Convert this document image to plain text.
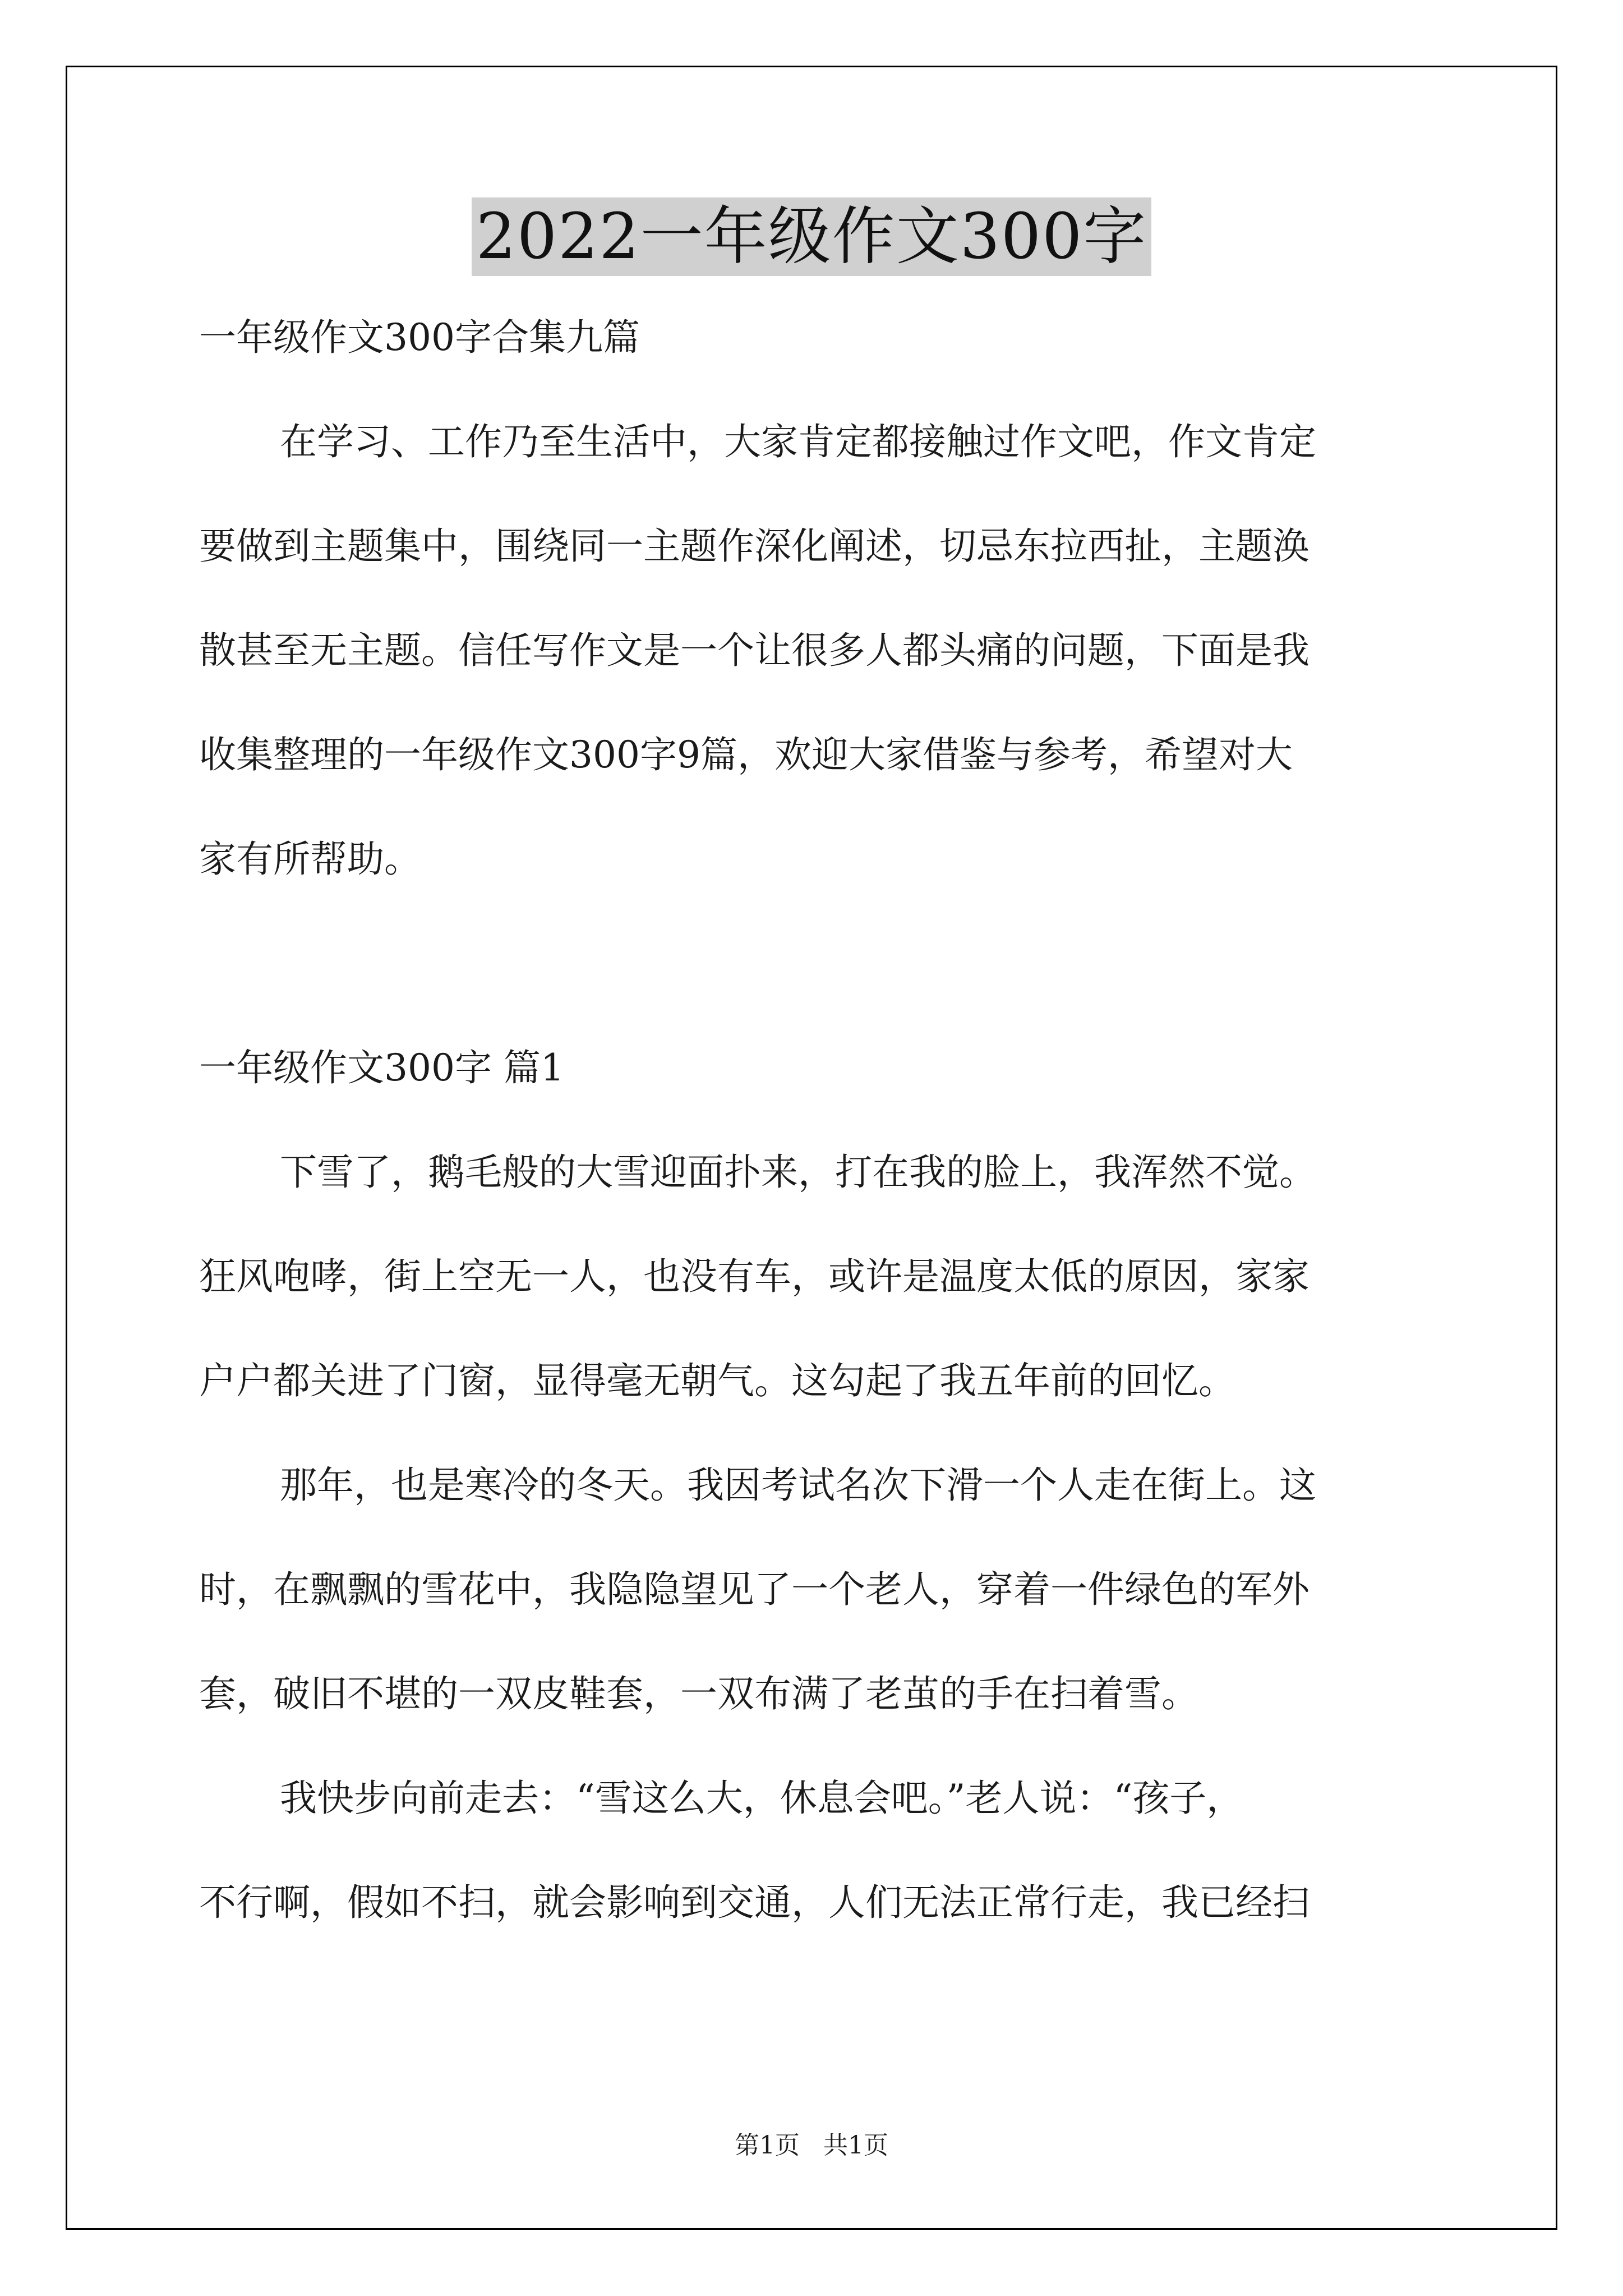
2022一年级作文300字

一年级作文300字合集九篇

在学习、工作乃至生活中，大家肯定都接触过作文吧，作文肯定
要做到主题集中，围绕同一主题作深化阐述，切忌东拉西扯，主题涣
散甚至无主题。信任写作文是一个让很多人都头痛的问题，下面是我
收集整理的一年级作文300字9篇，欢迎大家借鉴与参考，希望对大
家有所帮助。

一年级作文300字 篇1

下雪了，鹅毛般的大雪迎面扑来，打在我的脸上，我浑然不觉。
狂风咆哮，街上空无一人，也没有车，或许是温度太低的原因，家家
户户都关进了门窗，显得毫无朝气。这勾起了我五年前的回忆。
那年，也是寒冷的冬天。我因考试名次下滑一个人走在街上。这
时，在飘飘的雪花中，我隐隐望见了一个老人，穿着一件绿色的军外
套，破旧不堪的一双皮鞋套，一双布满了老茧的手在扫着雪。
我快步向前走去：“雪这么大，休息会吧。”老人说：“孩子，
不行啊，假如不扫，就会影响到交通，人们无法正常行走，我已经扫
第1页 共1页
